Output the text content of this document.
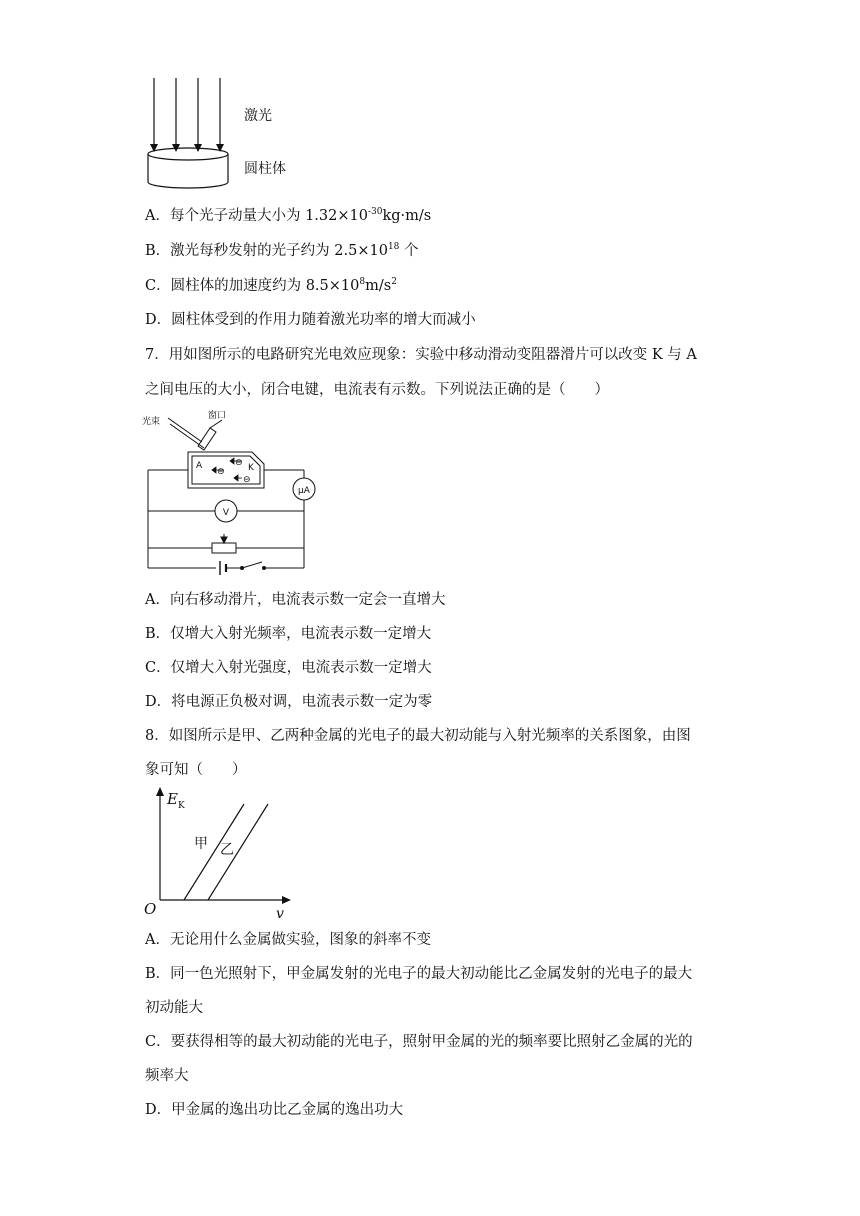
激光
圆柱体
A．每个光子动量大小为 $1.32\times 10^{-30}kg\cdot m/s$
B．激光每秒发射的光子约为 $2.5\times 10^{18}$ 个
C．圆柱体的加速度约为 $8.5\times 10^8m/s^2$
D．圆柱体受到的作用力随着激光功率的增大而减小
7．用如图所示的电路研究光电效应现象：实验中移动滑动变阻器滑片可以改变 K 与 A
之间电压的大小，闭合电键，电流表有示数。下列说法正确的是（　　）
光束
窗口
A	K
⊖
⊖
⊖
μA
V
A．向右移动滑片，电流表示数一定会一直增大
B．仅增大入射光频率，电流表示数一定增大
C．仅增大入射光强度，电流表示数一定增大
D．将电源正负极对调，电流表示数一定为零
8．如图所示是甲、乙两种金属的光电子的最大初动能与入射光频率的关系图象，由图
象可知（　　）
$E_K$
v
O
甲 乙
A．无论用什么金属做实验，图象的斜率不变
B．同一色光照射下，甲金属发射的光电子的最大初动能比乙金属发射的光电子的最大
初动能大
C．要获得相等的最大初动能的光电子，照射甲金属的光的频率要比照射乙金属的光的
频率大
D．甲金属的逸出功比乙金属的逸出功大
